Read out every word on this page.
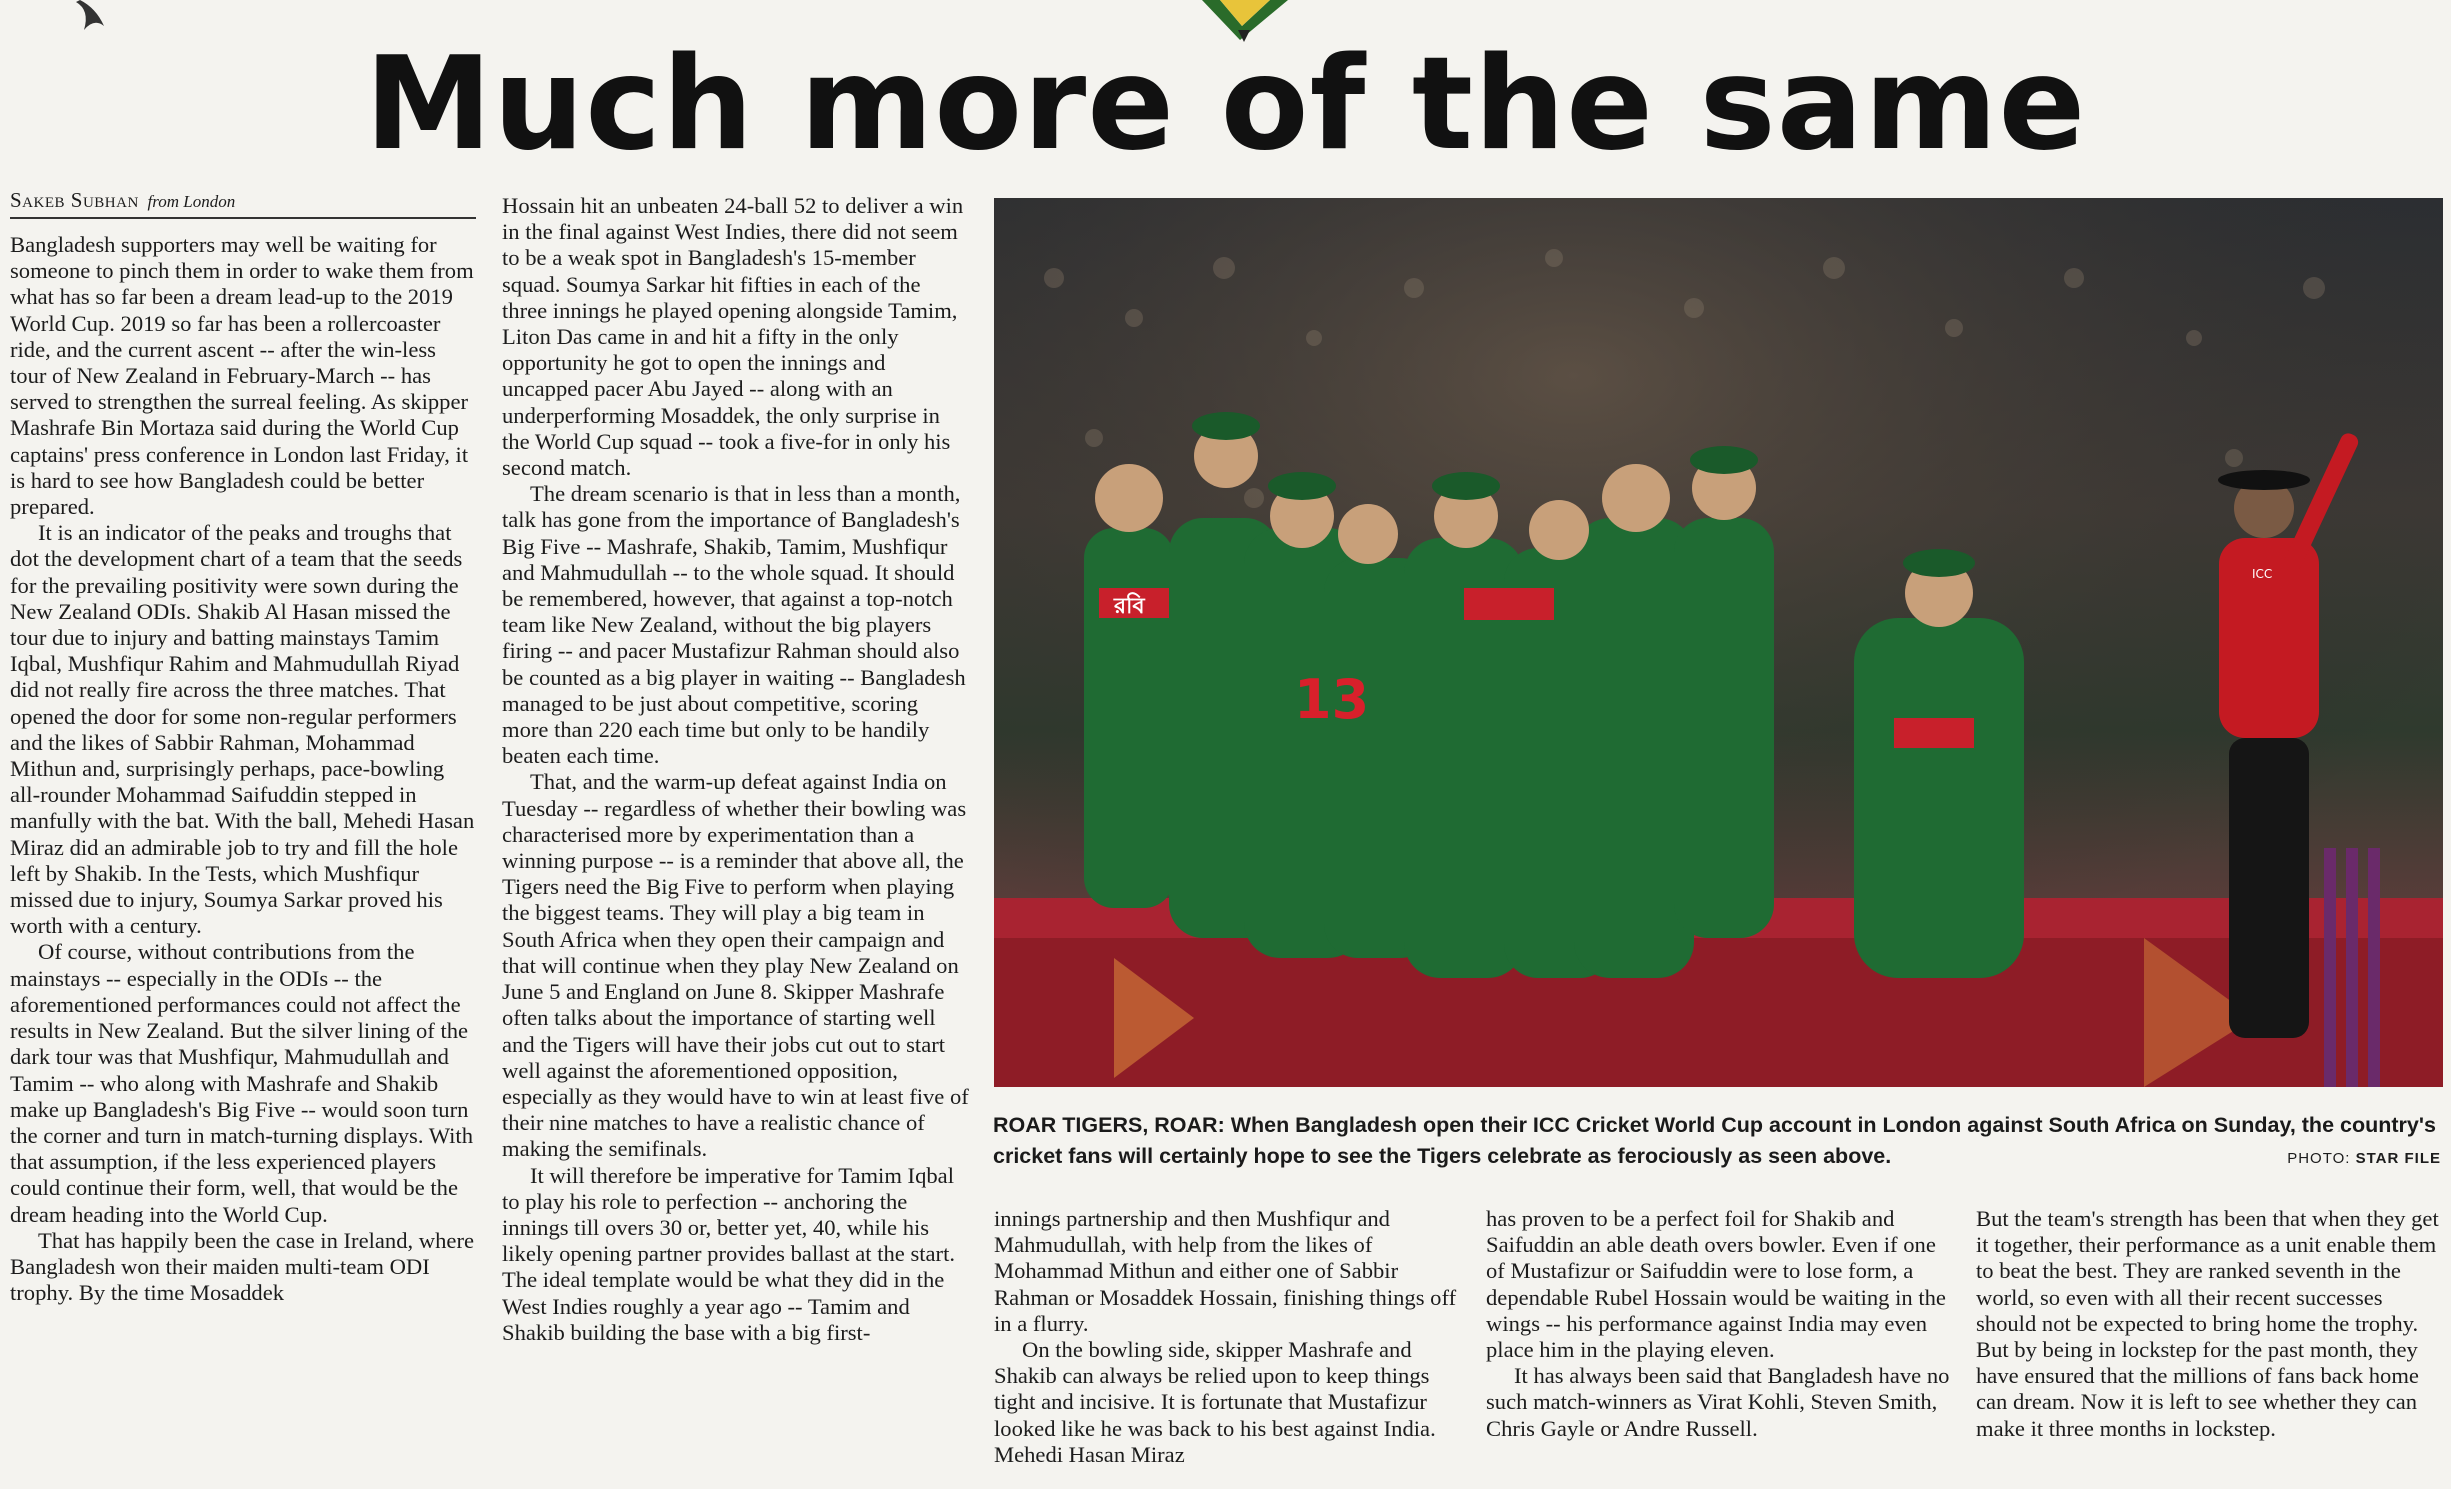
Much more of the same
Sakeb Subhan from London

Bangladesh supporters may well be waiting for someone to pinch them in order to wake them from what has so far been a dream lead-up to the 2019 World Cup. 2019 so far has been a rollercoaster ride, and the current ascent -- after the win-less tour of New Zealand in February-March -- has served to strengthen the surreal feeling. As skipper Mashrafe Bin Mortaza said during the World Cup captains' press conference in London last Friday, it is hard to see how Bangladesh could be better prepared.

It is an indicator of the peaks and troughs that dot the development chart of a team that the seeds for the prevailing positivity were sown during the New Zealand ODIs. Shakib Al Hasan missed the tour due to injury and batting mainstays Tamim Iqbal, Mushfiqur Rahim and Mahmudullah Riyad did not really fire across the three matches. That opened the door for some non-regular performers and the likes of Sabbir Rahman, Mohammad Mithun and, surprisingly perhaps, pace-bowling all-rounder Mohammad Saifuddin stepped in manfully with the bat. With the ball, Mehedi Hasan Miraz did an admirable job to try and fill the hole left by Shakib. In the Tests, which Mushfiqur missed due to injury, Soumya Sarkar proved his worth with a century.

Of course, without contributions from the mainstays -- especially in the ODIs -- the aforementioned performances could not affect the results in New Zealand. But the silver lining of the dark tour was that Mushfiqur, Mahmudullah and Tamim -- who along with Mashrafe and Shakib make up Bangladesh's Big Five -- would soon turn the corner and turn in match-turning displays. With that assumption, if the less experienced players could continue their form, well, that would be the dream heading into the World Cup.

That has happily been the case in Ireland, where Bangladesh won their maiden multi-team ODI trophy. By the time Mosaddek

Hossain hit an unbeaten 24-ball 52 to deliver a win in the final against West Indies, there did not seem to be a weak spot in Bangladesh's 15-member squad. Soumya Sarkar hit fifties in each of the three innings he played opening alongside Tamim, Liton Das came in and hit a fifty in the only opportunity he got to open the innings and uncapped pacer Abu Jayed -- along with an underperforming Mosaddek, the only surprise in the World Cup squad -- took a five-for in only his second match.

The dream scenario is that in less than a month, talk has gone from the importance of Bangladesh's Big Five -- Mashrafe, Shakib, Tamim, Mushfiqur and Mahmudullah -- to the whole squad. It should be remembered, however, that against a top-notch team like New Zealand, without the big players firing -- and pacer Mustafizur Rahman should also be counted as a big player in waiting -- Bangladesh managed to be just about competitive, scoring more than 220 each time but only to be handily beaten each time.

That, and the warm-up defeat against India on Tuesday -- regardless of whether their bowling was characterised more by experimentation than a winning purpose -- is a reminder that above all, the Tigers need the Big Five to perform when playing the biggest teams. They will play a big team in South Africa when they open their campaign and that will continue when they play New Zealand on June 5 and England on June 8. Skipper Mashrafe often talks about the importance of starting well and the Tigers will have their jobs cut out to start well against the aforementioned opposition, especially as they would have to win at least five of their nine matches to have a realistic chance of making the semifinals.

It will therefore be imperative for Tamim Iqbal to play his role to perfection -- anchoring the innings till overs 30 or, better yet, 40, while his likely opening partner provides ballast at the start. The ideal template would be what they did in the West Indies roughly a year ago -- Tamim and Shakib building the base with a big first-

রবি
13
ICC
ROAR TIGERS, ROAR: When Bangladesh open their ICC Cricket World Cup account in London against South Africa on Sunday, the country's cricket fans will certainly hope to see the Tigers celebrate as ferociously as seen above.	PHOTO: STAR FILE

innings partnership and then Mushfiqur and Mahmudullah, with help from the likes of Mohammad Mithun and either one of Sabbir Rahman or Mosaddek Hossain, finishing things off in a flurry.

On the bowling side, skipper Mashrafe and Shakib can always be relied upon to keep things tight and incisive. It is fortunate that Mustafizur looked like he was back to his best against India. Mehedi Hasan Miraz

has proven to be a perfect foil for Shakib and Saifuddin an able death overs bowler. Even if one of Mustafizur or Saifuddin were to lose form, a dependable Rubel Hossain would be waiting in the wings -- his performance against India may even place him in the playing eleven.

It has always been said that Bangladesh have no such match-winners as Virat Kohli, Steven Smith, Chris Gayle or Andre Russell.

But the team's strength has been that when they get it together, their performance as a unit enable them to beat the best. They are ranked seventh in the world, so even with all their recent successes should not be expected to bring home the trophy. But by being in lockstep for the past month, they have ensured that the millions of fans back home can dream. Now it is left to see whether they can make it three months in lockstep.
